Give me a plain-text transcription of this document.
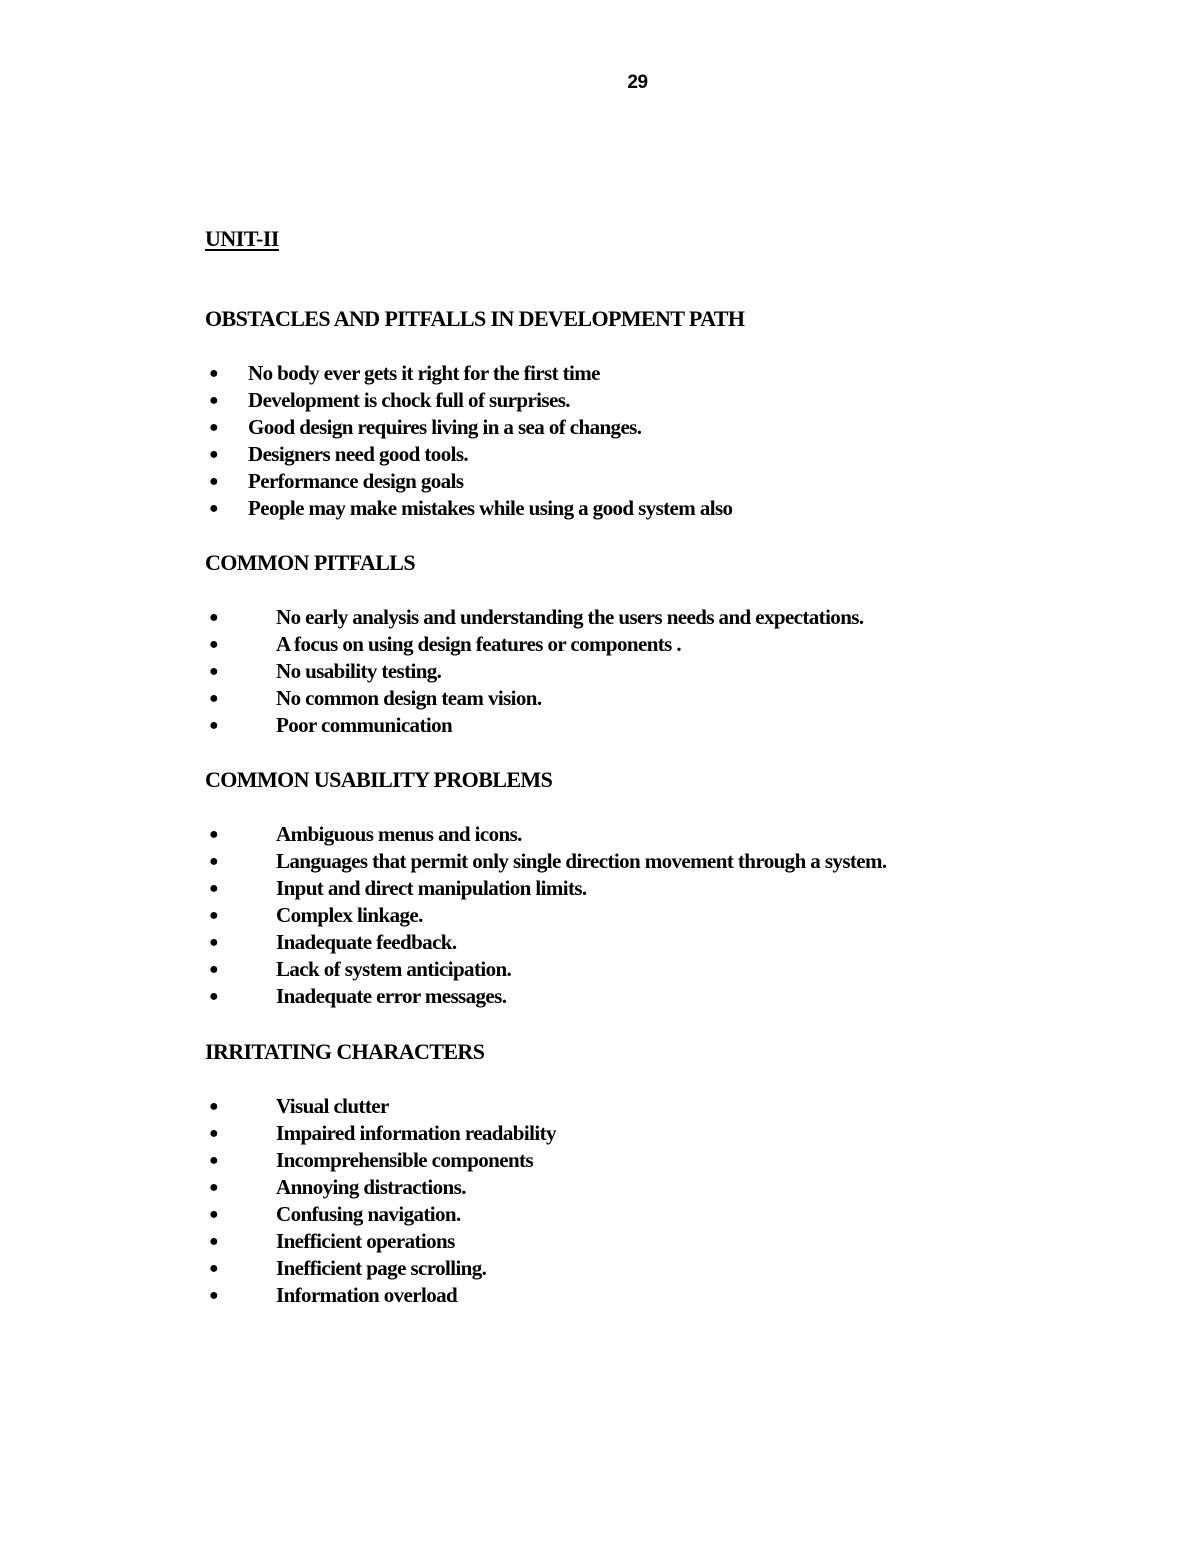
29
UNIT-II
OBSTACLES AND PITFALLS IN DEVELOPMENT PATH
● No body ever gets it right for the first time
● Development is chock full of surprises.
● Good design requires living in a sea of changes.
● Designers need good tools.
● Performance design goals
● People may make mistakes while using a good system also
COMMON PITFALLS
●	No early analysis and understanding the users needs and expectations.
●	A focus on using design features or components .
●	No usability testing.
●	No common design team vision.
●	Poor communication
COMMON USABILITY PROBLEMS
●	Ambiguous menus and icons.
●	Languages that permit only single direction movement through a system.
●	Input and direct manipulation limits.
●	Complex linkage.
●	Inadequate feedback.
●	Lack of system anticipation.
●	Inadequate error messages.
IRRITATING CHARACTERS
●	Visual clutter
●	Impaired information readability
●	Incomprehensible components
●	Annoying distractions.
●	Confusing navigation.
●	Inefficient operations
●	Inefficient page scrolling.
●	Information overload
